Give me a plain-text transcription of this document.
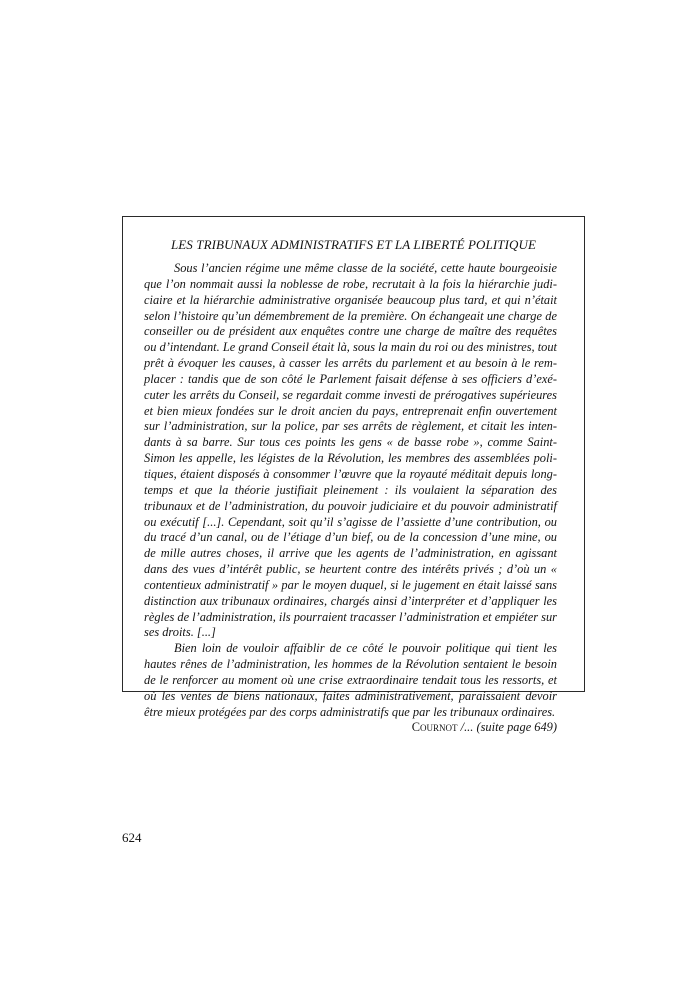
LES TRIBUNAUX ADMINISTRATIFS ET LA LIBERTÉ POLITIQUE

Sous l’ancien régime une même classe de la société, cette haute bourgeoisie que l’on nommait aussi la noblesse de robe, recrutait à la fois la hiérarchie judiciaire et la hiérarchie administrative organisée beaucoup plus tard, et qui n’était selon l’histoire qu’un démembrement de la première. On échangeait une charge de conseiller ou de président aux enquêtes contre une charge de maître des requêtes ou d’intendant. Le grand Conseil était là, sous la main du roi ou des ministres, tout prêt à évoquer les causes, à casser les arrêts du parlement et au besoin à le remplacer : tandis que de son côté le Parlement faisait défense à ses officiers d’exécuter les arrêts du Conseil, se regardait comme investi de prérogatives supérieures et bien mieux fondées sur le droit ancien du pays, entreprenait enfin ouvertement sur l’administration, sur la police, par ses arrêts de règlement, et citait les intendants à sa barre. Sur tous ces points les gens « de basse robe », comme Saint-Simon les appelle, les légistes de la Révolution, les membres des assemblées politiques, étaient disposés à consommer l’œuvre que la royauté méditait depuis longtemps et que la théorie justifiait pleinement : ils voulaient la séparation des tribunaux et de l’administration, du pouvoir judiciaire et du pouvoir administratif ou exécutif [...]. Cependant, soit qu’il s’agisse de l’assiette d’une contribution, ou du tracé d’un canal, ou de l’étiage d’un bief, ou de la concession d’une mine, ou de mille autres choses, il arrive que les agents de l’administration, en agissant dans des vues d’intérêt public, se heurtent contre des intérêts privés ; d’où un « contentieux administratif » par le moyen duquel, si le jugement en était laissé sans distinction aux tribunaux ordinaires, chargés ainsi d’interpréter et d’appliquer les règles de l’administration, ils pourraient tracasser l’administration et empiéter sur ses droits. [...]

Bien loin de vouloir affaiblir de ce côté le pouvoir politique qui tient les hautes rênes de l’administration, les hommes de la Révolution sentaient le besoin de le renforcer au moment où une crise extraordinaire tendait tous les ressorts, et où les ventes de biens nationaux, faites administrativement, paraissaient devoir être mieux protégées par des corps administratifs que par les tribunaux ordinaires.

Cournot /... (suite page 649)

624
